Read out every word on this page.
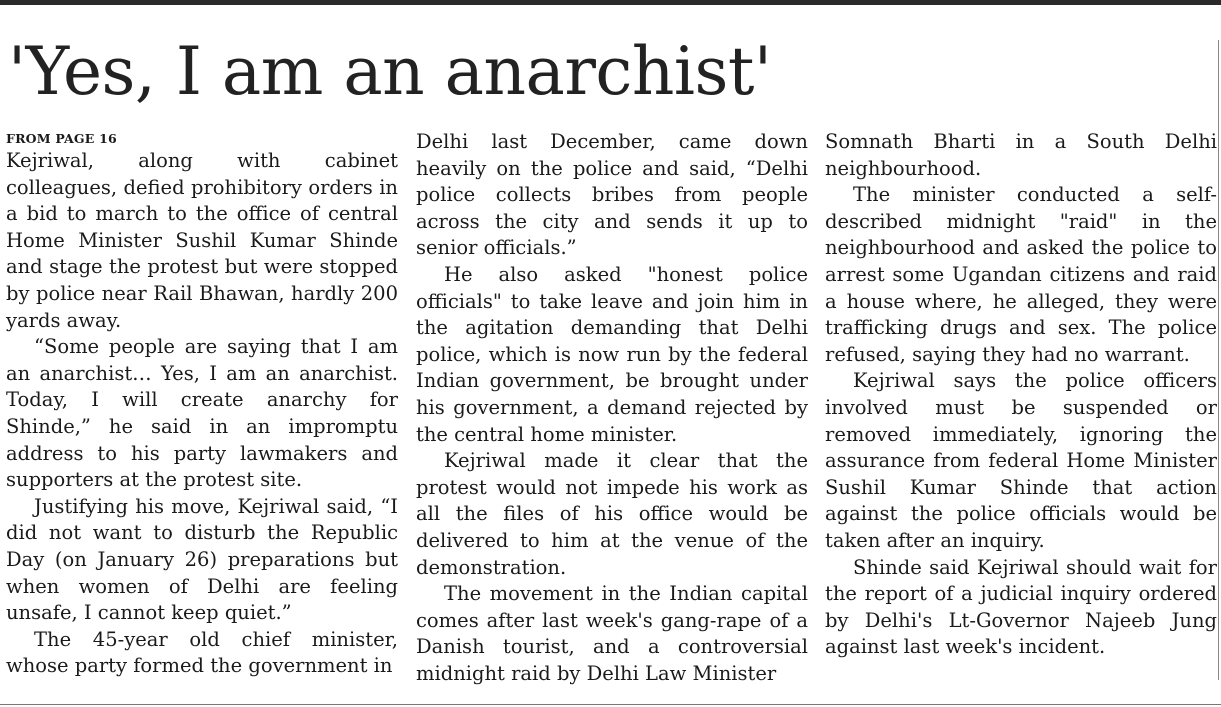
'Yes, I am an anarchist'
FROM PAGE 16

Kejriwal, along with cabinet colleagues, defied prohibitory orders in a bid to march to the office of central Home Minister Sushil Kumar Shinde and stage the protest but were stopped by police near Rail Bhawan, hardly 200 yards away.

“Some people are saying that I am an anarchist… Yes, I am an anarchist. Today, I will create anarchy for Shinde,” he said in an impromptu address to his party lawmakers and supporters at the protest site.

Justifying his move, Kejriwal said, “I did not want to disturb the Republic Day (on January 26) preparations but when women of Delhi are feeling unsafe, I cannot keep quiet.”

The 45-year old chief minister, whose party formed the government in

Delhi last December, came down heavily on the police and said, “Delhi police collects bribes from people across the city and sends it up to senior officials.”

He also asked "honest police officials" to take leave and join him in the agitation demanding that Delhi police, which is now run by the federal Indian government, be brought under his government, a demand rejected by the central home minister.

Kejriwal made it clear that the protest would not impede his work as all the files of his office would be delivered to him at the venue of the demonstration.

The movement in the Indian capital comes after last week's gang-rape of a Danish tourist, and a controversial midnight raid by Delhi Law Minister

Somnath Bharti in a South Delhi neighbourhood.

The minister conducted a self-described midnight "raid" in the neighbourhood and asked the police to arrest some Ugandan citizens and raid a house where, he alleged, they were trafficking drugs and sex. The police refused, saying they had no warrant.

Kejriwal says the police officers involved must be suspended or removed immediately, ignoring the assurance from federal Home Minister Sushil Kumar Shinde that action against the police officials would be taken after an inquiry.

Shinde said Kejriwal should wait for the report of a judicial inquiry ordered by Delhi's Lt-Governor Najeeb Jung against last week's incident.
